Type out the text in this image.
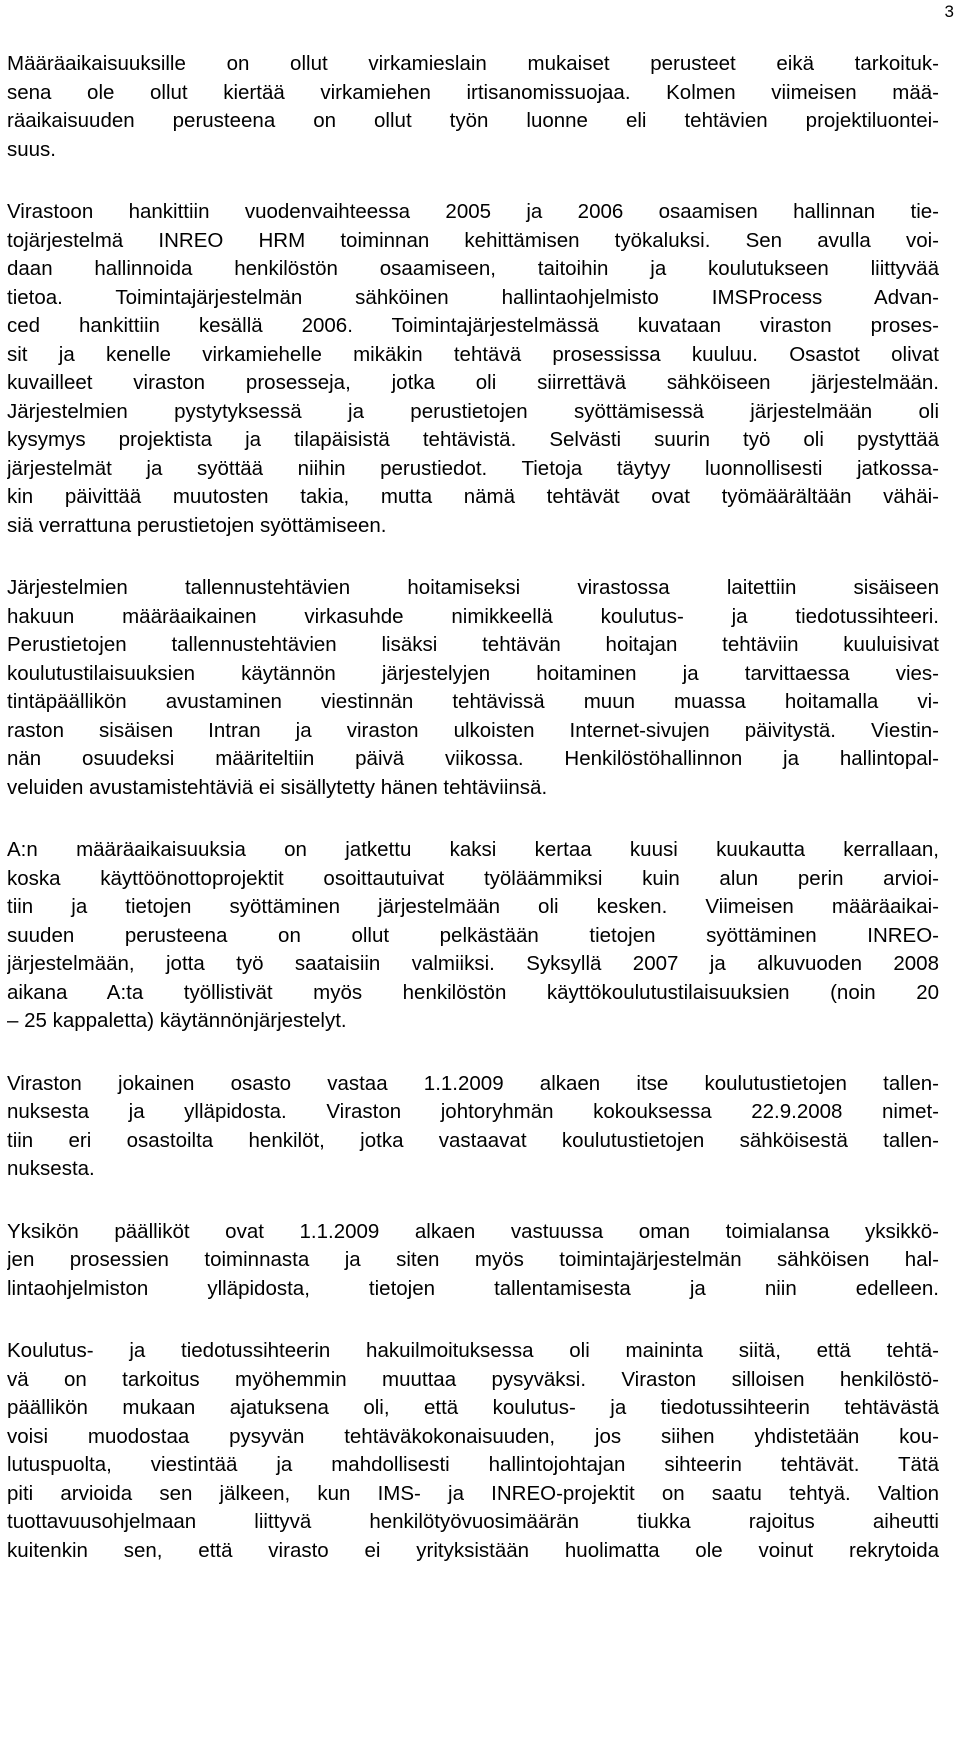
3
Määräaikaisuuksille on ollut virkamieslain mukaiset perusteet eikä tarkoituk-
sena ole ollut kiertää virkamiehen irtisanomissuojaa. Kolmen viimeisen mää-
räaikaisuuden perusteena on ollut työn luonne eli tehtävien projektiluontei-
suus.
Virastoon hankittiin vuodenvaihteessa 2005 ja 2006 osaamisen hallinnan tie-
tojärjestelmä INREO HRM toiminnan kehittämisen työkaluksi. Sen avulla voi-
daan hallinnoida henkilöstön osaamiseen, taitoihin ja koulutukseen liittyvää
tietoa. Toimintajärjestelmän sähköinen hallintaohjelmisto IMSProcess Advan-
ced hankittiin kesällä 2006. Toimintajärjestelmässä kuvataan viraston proses-
sit ja kenelle virkamiehelle mikäkin tehtävä prosessissa kuuluu. Osastot olivat
kuvailleet viraston prosesseja, jotka oli siirrettävä sähköiseen järjestelmään.
Järjestelmien pystytyksessä ja perustietojen syöttämisessä järjestelmään oli
kysymys projektista ja tilapäisistä tehtävistä. Selvästi suurin työ oli pystyttää
järjestelmät ja syöttää niihin perustiedot. Tietoja täytyy luonnollisesti jatkossa-
kin päivittää muutosten takia, mutta nämä tehtävät ovat työmäärältään vähäi-
siä verrattuna perustietojen syöttämiseen.
Järjestelmien tallennustehtävien hoitamiseksi virastossa laitettiin sisäiseen
hakuun määräaikainen virkasuhde nimikkeellä koulutus- ja tiedotussihteeri.
Perustietojen tallennustehtävien lisäksi tehtävän hoitajan tehtäviin kuuluisivat
koulutustilaisuuksien käytännön järjestelyjen hoitaminen ja tarvittaessa vies-
tintäpäällikön avustaminen viestinnän tehtävissä muun muassa hoitamalla vi-
raston sisäisen Intran ja viraston ulkoisten Internet-sivujen päivitystä. Viestin-
nän osuudeksi määriteltiin päivä viikossa. Henkilöstöhallinnon ja hallintopal-
veluiden avustamistehtäviä ei sisällytetty hänen tehtäviinsä.
A:n määräaikaisuuksia on jatkettu kaksi kertaa kuusi kuukautta kerrallaan,
koska käyttöönottoprojektit osoittautuivat työläämmiksi kuin alun perin arvioi-
tiin ja tietojen syöttäminen järjestelmään oli kesken. Viimeisen määräaikai-
suuden perusteena on ollut pelkästään tietojen syöttäminen INREO-
järjestelmään, jotta työ saataisiin valmiiksi. Syksyllä 2007 ja alkuvuoden 2008
aikana A:ta työllistivät myös henkilöstön käyttökoulutustilaisuuksien (noin 20
– 25 kappaletta) käytännönjärjestelyt.
Viraston jokainen osasto vastaa 1.1.2009 alkaen itse koulutustietojen tallen-
nuksesta ja ylläpidosta. Viraston johtoryhmän kokouksessa 22.9.2008 nimet-
tiin eri osastoilta henkilöt, jotka vastaavat koulutustietojen sähköisestä tallen-
nuksesta.
Yksikön päälliköt ovat 1.1.2009 alkaen vastuussa oman toimialansa yksikkö-
jen prosessien toiminnasta ja siten myös toimintajärjestelmän sähköisen hal-
lintaohjelmiston ylläpidosta, tietojen tallentamisesta ja niin edelleen.
Koulutus- ja tiedotussihteerin hakuilmoituksessa oli maininta siitä, että tehtä-
vä on tarkoitus myöhemmin muuttaa pysyväksi. Viraston silloisen henkilöstö-
päällikön mukaan ajatuksena oli, että koulutus- ja tiedotussihteerin tehtävästä
voisi muodostaa pysyvän tehtäväkokonaisuuden, jos siihen yhdistetään kou-
lutuspuolta, viestintää ja mahdollisesti hallintojohtajan sihteerin tehtävät. Tätä
piti arvioida sen jälkeen, kun IMS- ja INREO-projektit on saatu tehtyä. Valtion
tuottavuusohjelmaan liittyvä henkilötyövuosimäärän tiukka rajoitus aiheutti
kuitenkin sen, että virasto ei yrityksistään huolimatta ole voinut rekrytoida
